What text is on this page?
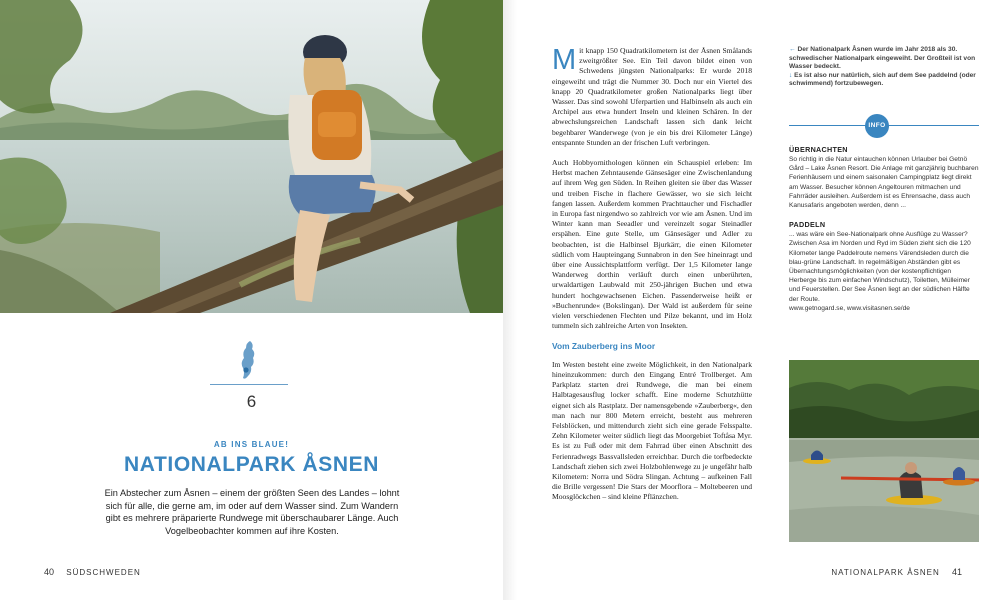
6
AB INS BLAUE!
NATIONALPARK ÅSNEN

Ein Abstecher zum Åsnen – einem der größten Seen des Landes – lohnt sich für alle, die gerne am, im oder auf dem Wasser sind. Zum Wandern gibt es mehrere präparierte Rundwege mit überschaubarer Länge. Auch Vogelbeobachter kommen auf ihre Kosten.

40 SÜDSCHWEDEN

Mit knapp 150 Quadratkilometern ist der Åsnen Smålands zweitgrößter See. Ein Teil davon bildet einen von Schwedens jüngsten Nationalparks: Er wurde 2018 eingeweiht und trägt die Nummer 30. Doch nur ein Viertel des knapp 20 Quadratkilometer großen Nationalparks liegt über Wasser. Das sind sowohl Uferpartien und Halbinseln als auch ein Archipel aus etwa hundert Inseln und kleinen Schären. In der abwechslungsreichen Landschaft lassen sich dank leicht begehbarer Wanderwege (von je ein bis drei Kilometer Länge) entspannte Stunden an der frischen Luft verbringen.

Auch Hobbyornithologen können ein Schauspiel erleben: Im Herbst machen Zehntausende Gänsesäger eine Zwischenlandung auf ihrem Weg gen Süden. In Reihen gleiten sie über das Wasser und treiben Fische in flachere Gewässer, wo sie sich leicht fangen lassen. Außerdem kommen Prachttaucher und Fischadler in Europa fast nirgendwo so zahlreich vor wie am Åsnen. Und im Winter kann man Seeadler und vereinzelt sogar Steinadler erspähen. Eine gute Stelle, um Gänsesäger und Adler zu beobachten, ist die Halbinsel Bjurkärr, die einen Kilometer südlich vom Haupteingang Sunnabron in den See hineinragt und über eine Aussichtsplattform verfügt. Der 1,5 Kilometer lange Wanderweg dorthin verläuft durch einen unberührten, urwaldartigen Laubwald mit 250-jährigen Buchen und etwa hundert hochgewachsenen Eichen. Passenderweise heißt er »Buchenrunde« (Bokslingan). Der Wald ist außerdem für seine vielen verschiedenen Flechten und Pilze bekannt, und im Holz tummeln sich zahlreiche Arten von Insekten.

Vom Zauberberg ins Moor

Im Westen besteht eine zweite Möglichkeit, in den Nationalpark hineinzukommen: durch den Eingang Entré Trollberget. Am Parkplatz starten drei Rundwege, die man bei einem Halbtagesausflug locker schafft. Eine moderne Schutzhütte eignet sich als Rastplatz. Der namensgebende »Zauberberg«, den man nach nur 800 Metern erreicht, besteht aus mehreren Felsblöcken, und mittendurch zieht sich eine gerade Felsspalte. Zehn Kilometer weiter südlich liegt das Moorgebiet Toftåsa Myr. Es ist zu Fuß oder mit dem Fahrrad über einen Abschnitt des Ferienradwegs Bassvallsleden erreichbar. Durch die torfbedeckte Landschaft ziehen sich zwei Holzbohlenwege zu je ungefähr halb Kilometern: Norra und Södra Slingan. Achtung – aufkeinen Fall die Brille vergessen! Die Stars der Moorflora – Moltebeeren und Moosglöckchen – sind kleine Pflänzchen.

← Der Nationalpark Åsnen wurde im Jahr 2018 als 30. schwedischer Nationalpark eingeweiht. Der Großteil ist von Wasser bedeckt.
↓ Es ist also nur natürlich, sich auf dem See paddelnd (oder schwimmend) fortzubewegen.
INFO
ÜBERNACHTEN

So richtig in die Natur eintauchen können Urlauber bei Getnö Gård – Lake Åsnen Resort. Die Anlage mit ganzjährig buchbaren Ferienhäusern und einem saisonalen Campingplatz liegt direkt am Wasser. Besucher können Angeltouren mitmachen und Fahrräder ausleihen. Außerdem ist es Ehrensache, dass auch Kanusafaris angeboten werden, denn ...

PADDELN

... was wäre ein See-Nationalpark ohne Ausflüge zu Wasser? Zwischen Asa im Norden und Ryd im Süden zieht sich die 120 Kilometer lange Paddelroute nemens Värendsleden durch die blau-grüne Landschaft. In regelmäßigen Abständen gibt es Übernachtungsmöglichkeiten (von der kostenpflichtigen Herberge bis zum einfachen Windschutz), Toiletten, Mülleimer und Feuerstellen. Der See Åsnen liegt an der südlichen Hälfte der Route.
www.getnogard.se, www.visitasnen.se/de

NATIONALPARK ÅSNEN 41
